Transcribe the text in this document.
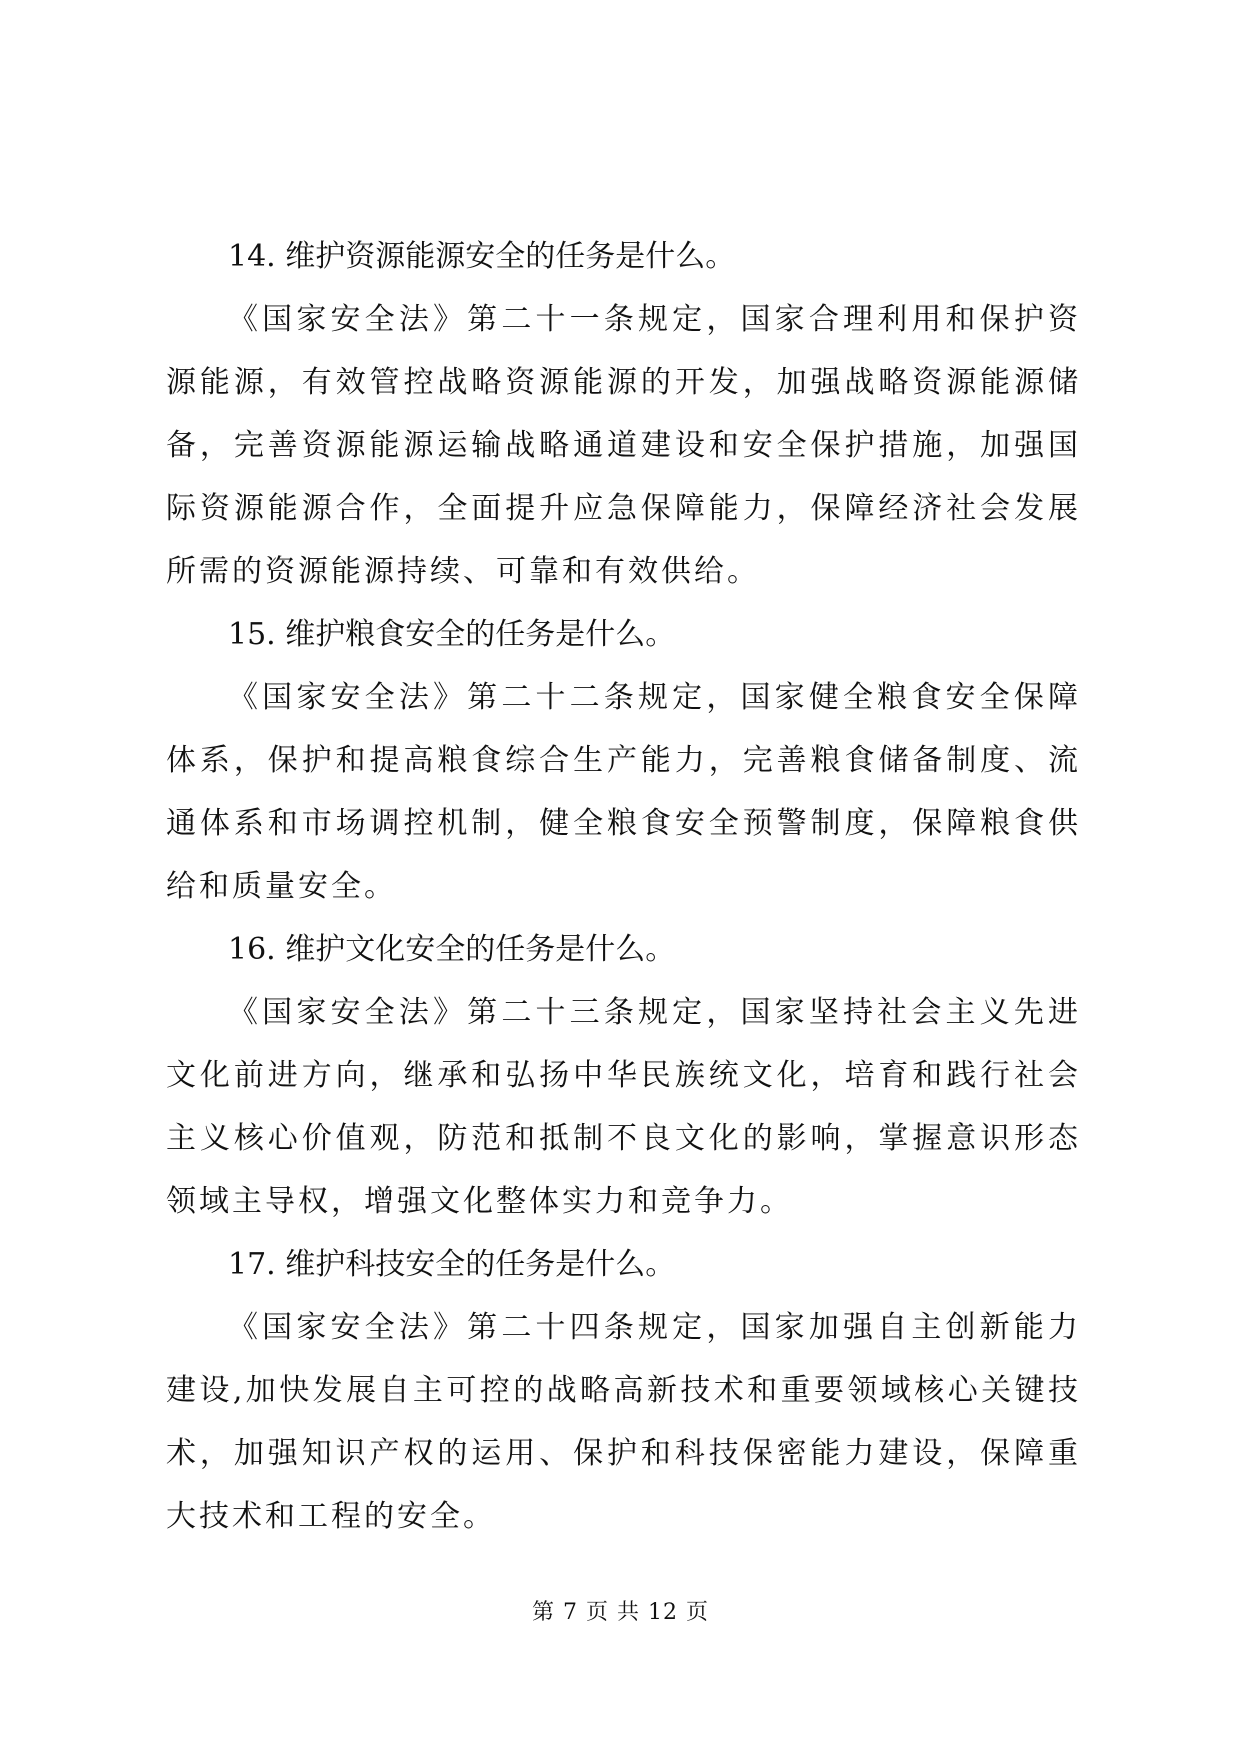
14. 维护资源能源安全的任务是什么。

《国家安全法》第二十一条规定，国家合理利用和保护资源能源，有效管控战略资源能源的开发，加强战略资源能源储备，完善资源能源运输战略通道建设和安全保护措施，加强国际资源能源合作，全面提升应急保障能力，保障经济社会发展所需的资源能源持续、可靠和有效供给。

15. 维护粮食安全的任务是什么。

《国家安全法》第二十二条规定，国家健全粮食安全保障体系，保护和提高粮食综合生产能力，完善粮食储备制度、流通体系和市场调控机制，健全粮食安全预警制度，保障粮食供给和质量安全。

16. 维护文化安全的任务是什么。

《国家安全法》第二十三条规定，国家坚持社会主义先进文化前进方向，继承和弘扬中华民族统文化，培育和践行社会主义核心价值观，防范和抵制不良文化的影响，掌握意识形态领域主导权，增强文化整体实力和竞争力。

17. 维护科技安全的任务是什么。

《国家安全法》第二十四条规定，国家加强自主创新能力建设,加快发展自主可控的战略高新技术和重要领域核心关键技术，加强知识产权的运用、保护和科技保密能力建设，保障重大技术和工程的安全。

第 7 页 共 12 页
